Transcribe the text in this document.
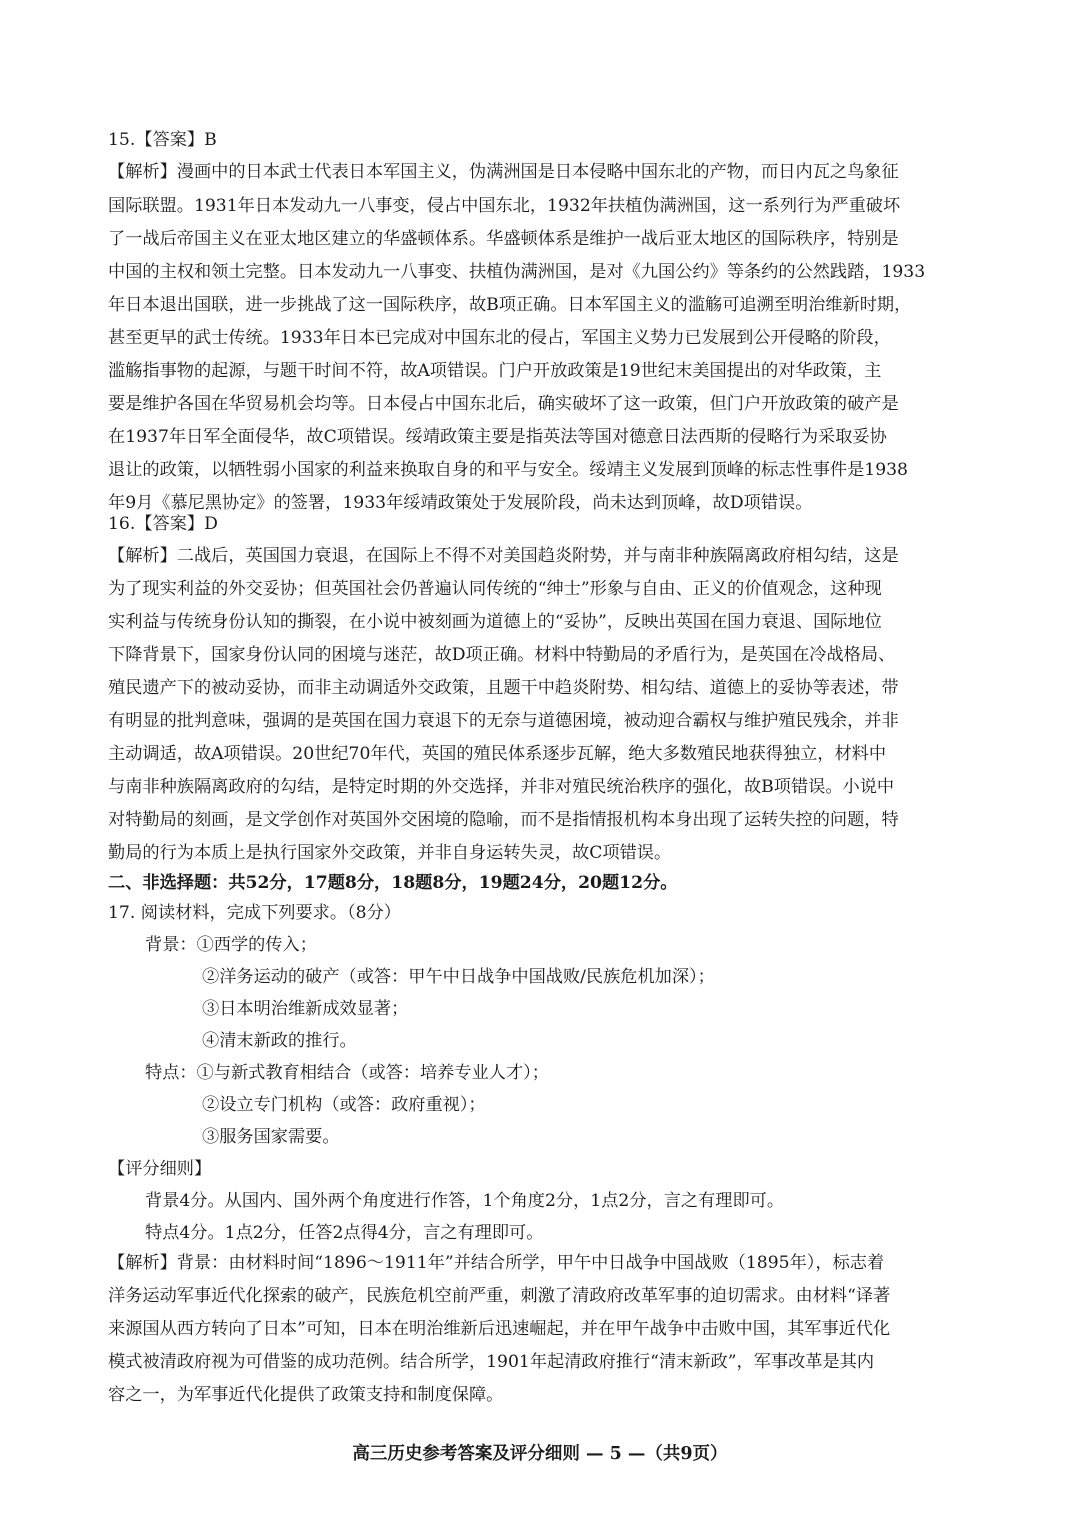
15.【答案】B
【解析】漫画中的日本武士代表日本军国主义，伪满洲国是日本侵略中国东北的产物，而日内瓦之鸟象征
国际联盟。1931年日本发动九一八事变，侵占中国东北，1932年扶植伪满洲国，这一系列行为严重破坏
了一战后帝国主义在亚太地区建立的华盛顿体系。华盛顿体系是维护一战后亚太地区的国际秩序，特别是
中国的主权和领土完整。日本发动九一八事变、扶植伪满洲国，是对《九国公约》等条约的公然践踏，1933
年日本退出国联，进一步挑战了这一国际秩序，故B项正确。日本军国主义的滥觞可追溯至明治维新时期，
甚至更早的武士传统。1933年日本已完成对中国东北的侵占，军国主义势力已发展到公开侵略的阶段，
滥觞指事物的起源，与题干时间不符，故A项错误。门户开放政策是19世纪末美国提出的对华政策，主
要是维护各国在华贸易机会均等。日本侵占中国东北后，确实破坏了这一政策，但门户开放政策的破产是
在1937年日军全面侵华，故C项错误。绥靖政策主要是指英法等国对德意日法西斯的侵略行为采取妥协
退让的政策，以牺牲弱小国家的利益来换取自身的和平与安全。绥靖主义发展到顶峰的标志性事件是1938
年9月《慕尼黑协定》的签署，1933年绥靖政策处于发展阶段，尚未达到顶峰，故D项错误。
16.【答案】D
【解析】二战后，英国国力衰退，在国际上不得不对美国趋炎附势，并与南非种族隔离政府相勾结，这是
为了现实利益的外交妥协；但英国社会仍普遍认同传统的“绅士”形象与自由、正义的价值观念，这种现
实利益与传统身份认知的撕裂，在小说中被刻画为道德上的“妥协”，反映出英国在国力衰退、国际地位
下降背景下，国家身份认同的困境与迷茫，故D项正确。材料中特勤局的矛盾行为，是英国在冷战格局、
殖民遗产下的被动妥协，而非主动调适外交政策，且题干中趋炎附势、相勾结、道德上的妥协等表述，带
有明显的批判意味，强调的是英国在国力衰退下的无奈与道德困境，被动迎合霸权与维护殖民残余，并非
主动调适，故A项错误。20世纪70年代，英国的殖民体系逐步瓦解，绝大多数殖民地获得独立，材料中
与南非种族隔离政府的勾结，是特定时期的外交选择，并非对殖民统治秩序的强化，故B项错误。小说中
对特勤局的刻画，是文学创作对英国外交困境的隐喻，而不是指情报机构本身出现了运转失控的问题，特
勤局的行为本质上是执行国家外交政策，并非自身运转失灵，故C项错误。
二、非选择题：共52分，17题8分，18题8分，19题24分，20题12分。
17. 阅读材料，完成下列要求。（8分）
背景：①西学的传入；
②洋务运动的破产（或答：甲午中日战争中国战败/民族危机加深）；
③日本明治维新成效显著；
④清末新政的推行。
特点：①与新式教育相结合（或答：培养专业人才）；
②设立专门机构（或答：政府重视）；
③服务国家需要。
【评分细则】
背景4分。从国内、国外两个角度进行作答，1个角度2分，1点2分，言之有理即可。
特点4分。1点2分，任答2点得4分，言之有理即可。
【解析】背景：由材料时间“1896～1911年”并结合所学，甲午中日战争中国战败（1895年），标志着
洋务运动军事近代化探索的破产，民族危机空前严重，刺激了清政府改革军事的迫切需求。由材料“译著
来源国从西方转向了日本”可知，日本在明治维新后迅速崛起，并在甲午战争中击败中国，其军事近代化
模式被清政府视为可借鉴的成功范例。结合所学，1901年起清政府推行“清末新政”，军事改革是其内
容之一，为军事近代化提供了政策支持和制度保障。
高三历史参考答案及评分细则 — 5 —（共9页）
